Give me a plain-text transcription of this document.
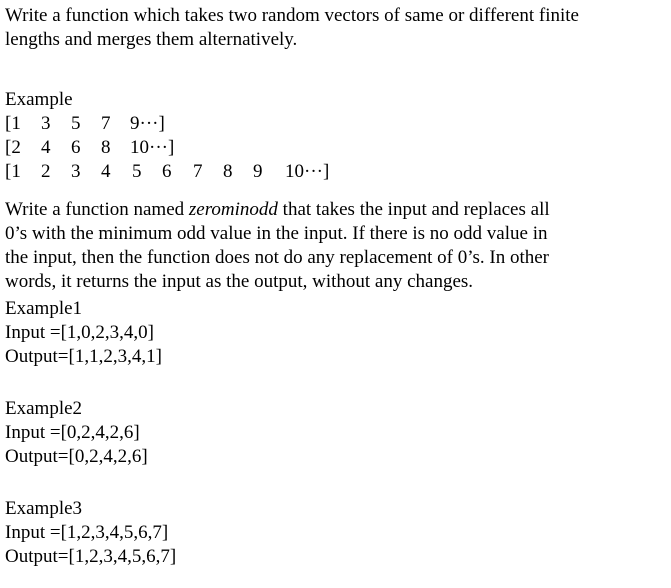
Write a function which takes two random vectors of same or different finite
lengths and merges them alternatively.

Example

[1

3

5

7

9···]

[2

4

6

8

10···]

[1

2

3

4

5

6

7

8

9

10···]

Write a function named zerominodd that takes the input and replaces all
0’s with the minimum odd value in the input. If there is no odd value in
the input, then the function does not do any replacement of 0’s. In other
words, it returns the input as the output, without any changes.

Example1
Input =[1,0,2,3,4,0]
Output=[1,1,2,3,4,1]
Example2
Input =[0,2,4,2,6]
Output=[0,2,4,2,6]
Example3
Input =[1,2,3,4,5,6,7]
Output=[1,2,3,4,5,6,7]
